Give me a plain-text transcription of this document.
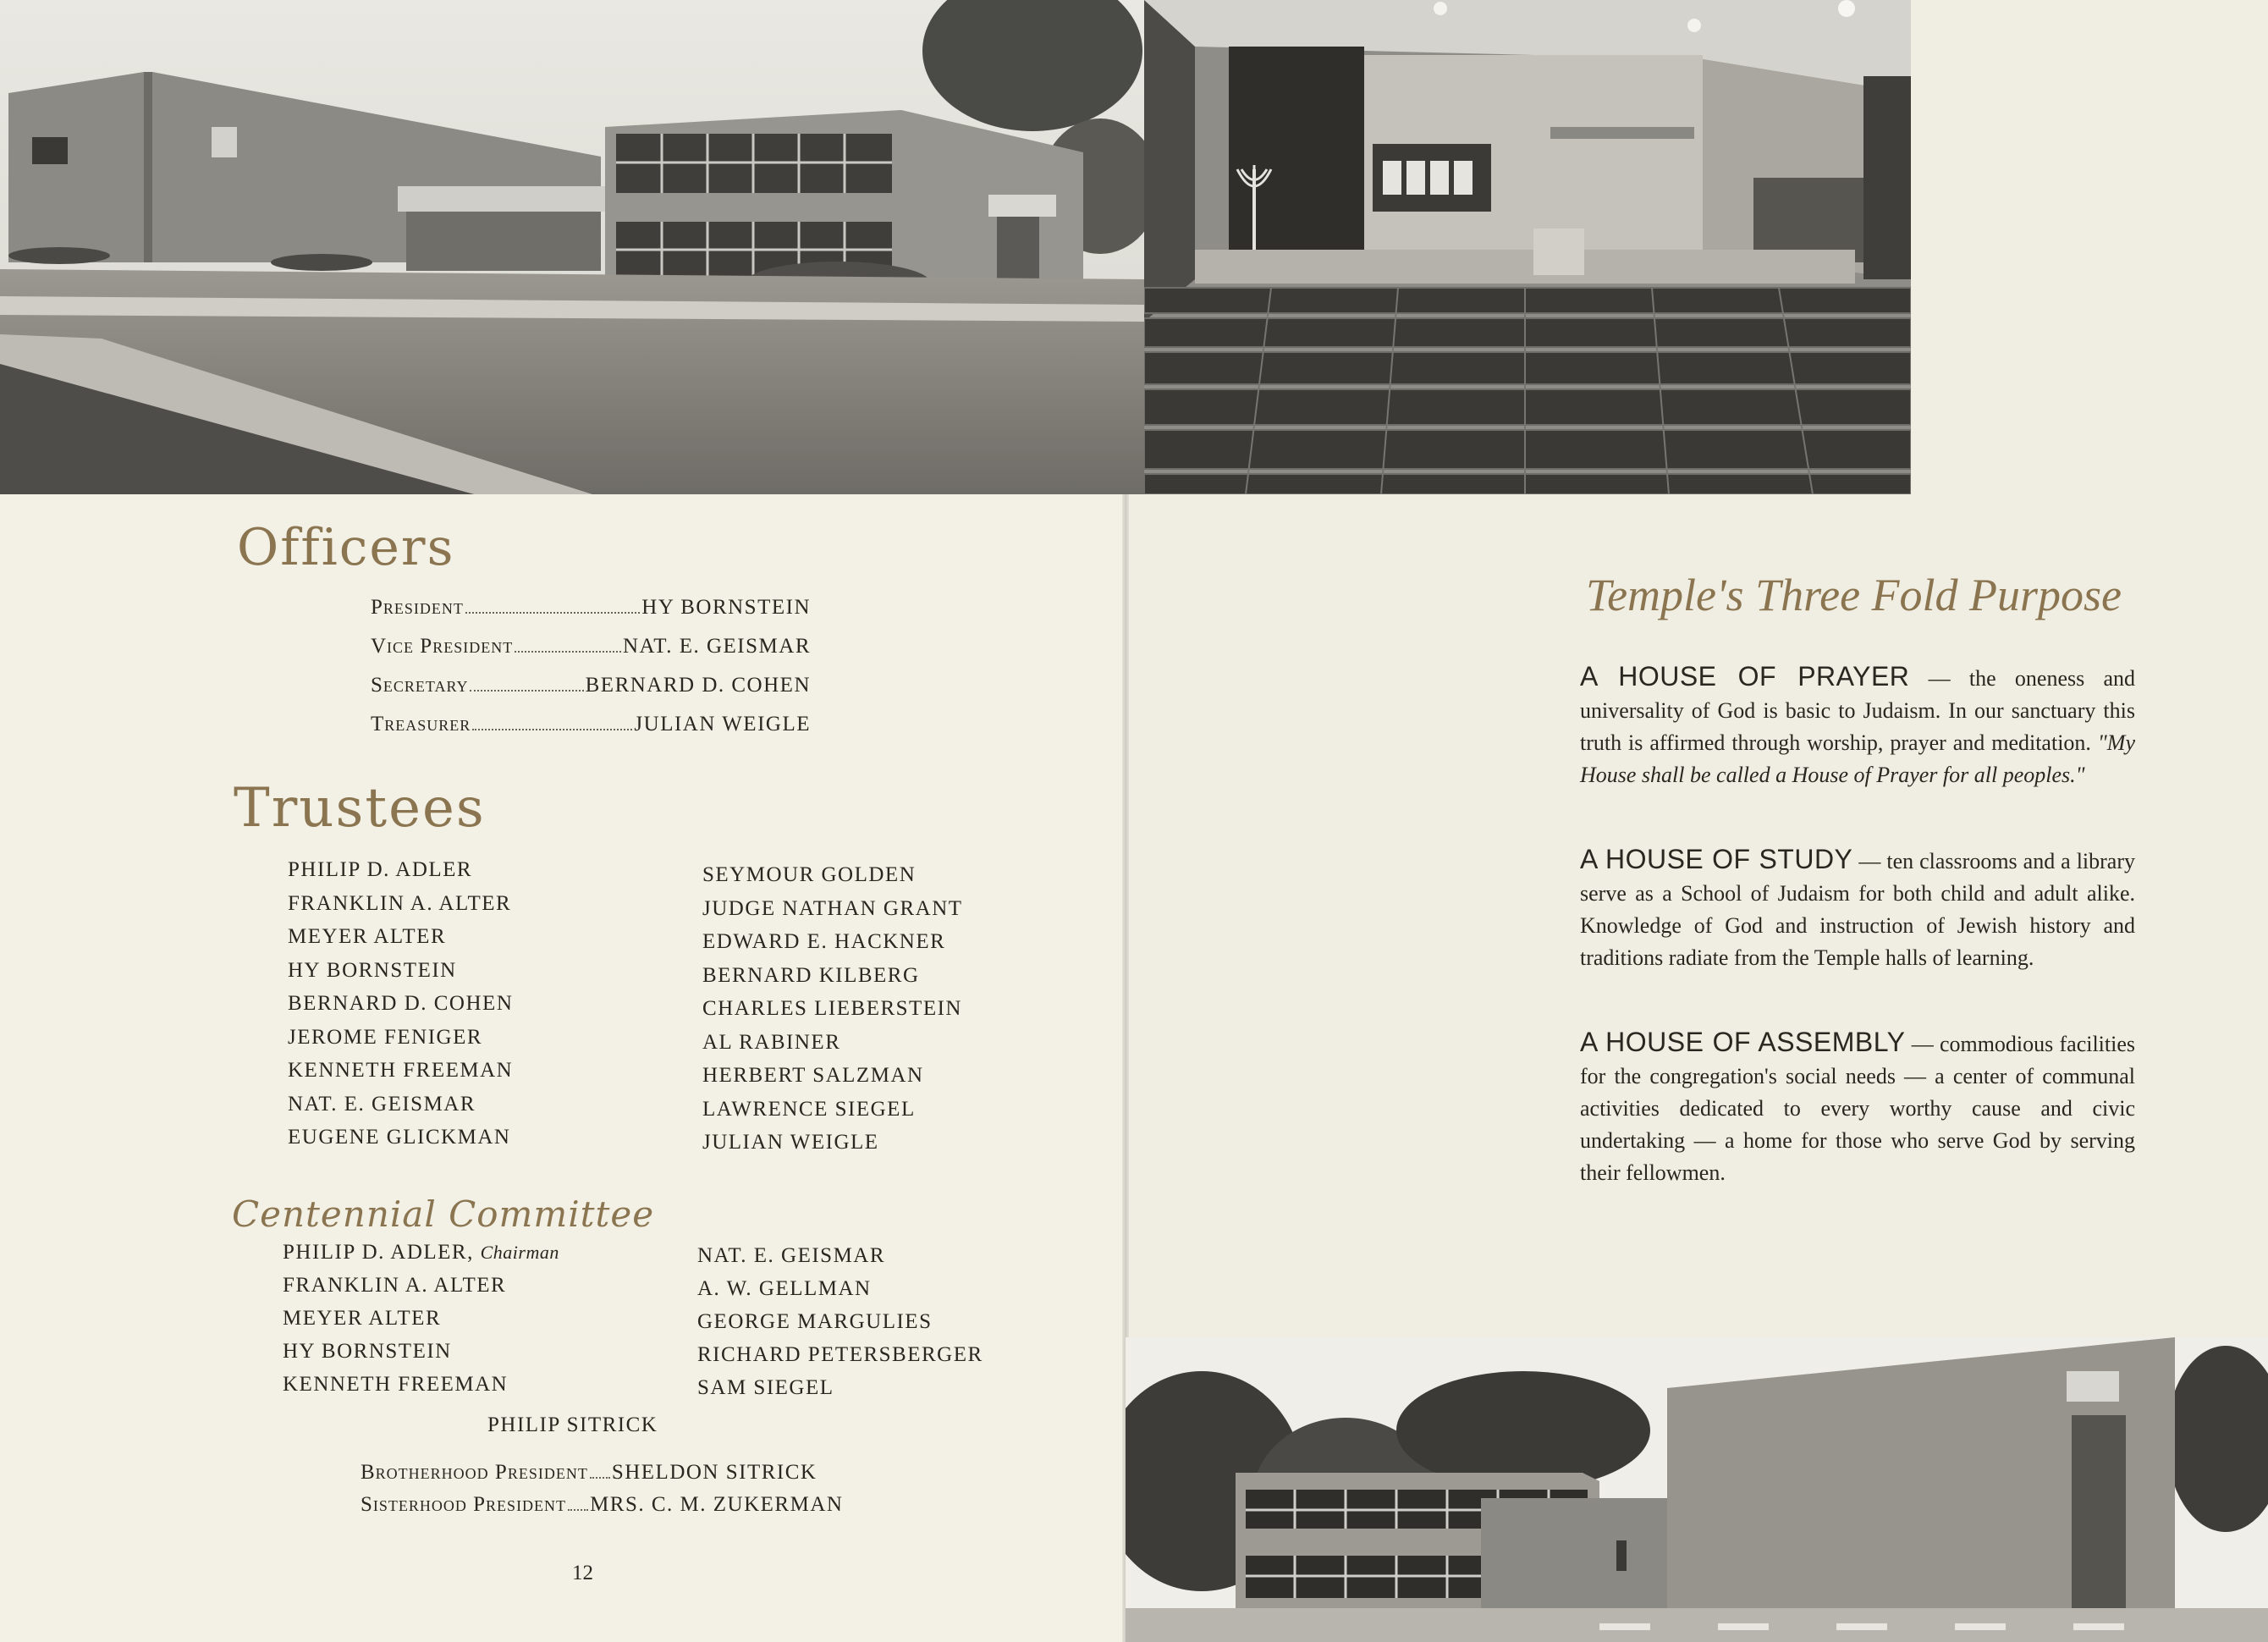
Officers
President	HY BORNSTEIN
Vice President	NAT. E. GEISMAR
Secretary	BERNARD D. COHEN
Treasurer	JULIAN WEIGLE
Trustees
PHILIP D. ADLER
FRANKLIN A. ALTER
MEYER ALTER
HY BORNSTEIN
BERNARD D. COHEN
JEROME FENIGER
KENNETH FREEMAN
NAT. E. GEISMAR
EUGENE GLICKMAN
SEYMOUR GOLDEN
JUDGE NATHAN GRANT
EDWARD E. HACKNER
BERNARD KILBERG
CHARLES LIEBERSTEIN
AL RABINER
HERBERT SALZMAN
LAWRENCE SIEGEL
JULIAN WEIGLE
Centennial Committee
PHILIP D. ADLER, Chairman
FRANKLIN A. ALTER
MEYER ALTER
HY BORNSTEIN
KENNETH FREEMAN
NAT. E. GEISMAR
A. W. GELLMAN
GEORGE MARGULIES
RICHARD PETERSBERGER
SAM SIEGEL
PHILIP SITRICK
Brotherhood President SHELDON SITRICK
Sisterhood President MRS. C. M. ZUKERMAN
12
Temple's Three Fold Purpose
A HOUSE OF PRAYER — the oneness and universality of God is basic to Judaism. In our sanctuary this truth is affirmed through worship, prayer and meditation. "My House shall be called a House of Prayer for all peoples."
A HOUSE OF STUDY — ten classrooms and a library serve as a School of Judaism for both child and adult alike. Knowledge of God and instruction of Jewish history and traditions radiate from the Temple halls of learning.
A HOUSE OF ASSEMBLY — commodious facilities for the congregation's social needs — a center of communal activities dedicated to every worthy cause and civic undertaking — a home for those who serve God by serving their fellowmen.
